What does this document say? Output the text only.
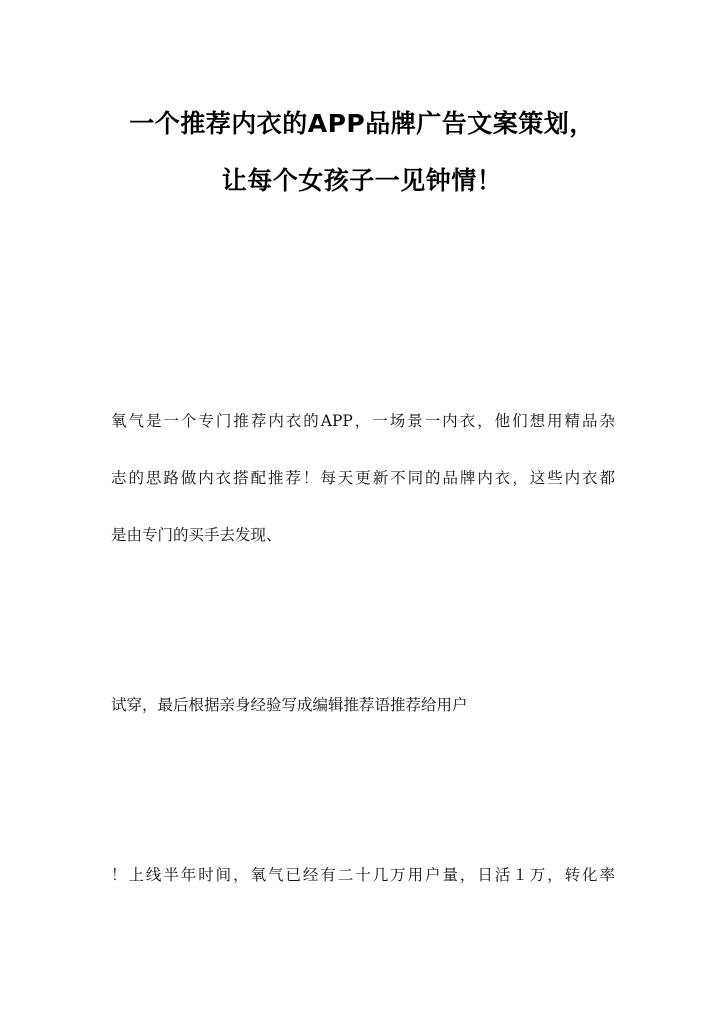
一个推荐内衣的APP品牌广告文案策划，
让每个女孩子一见钟情！
氧气是一个专门推荐内衣的APP，一场景一内衣，他们想用精品杂
志的思路做内衣搭配推荐！每天更新不同的品牌内衣，这些内衣都
是由专门的买手去发现、
试穿，最后根据亲身经验写成编辑推荐语推荐给用户
！上线半年时间，氧气已经有二十几万用户量，日活１万，转化率
